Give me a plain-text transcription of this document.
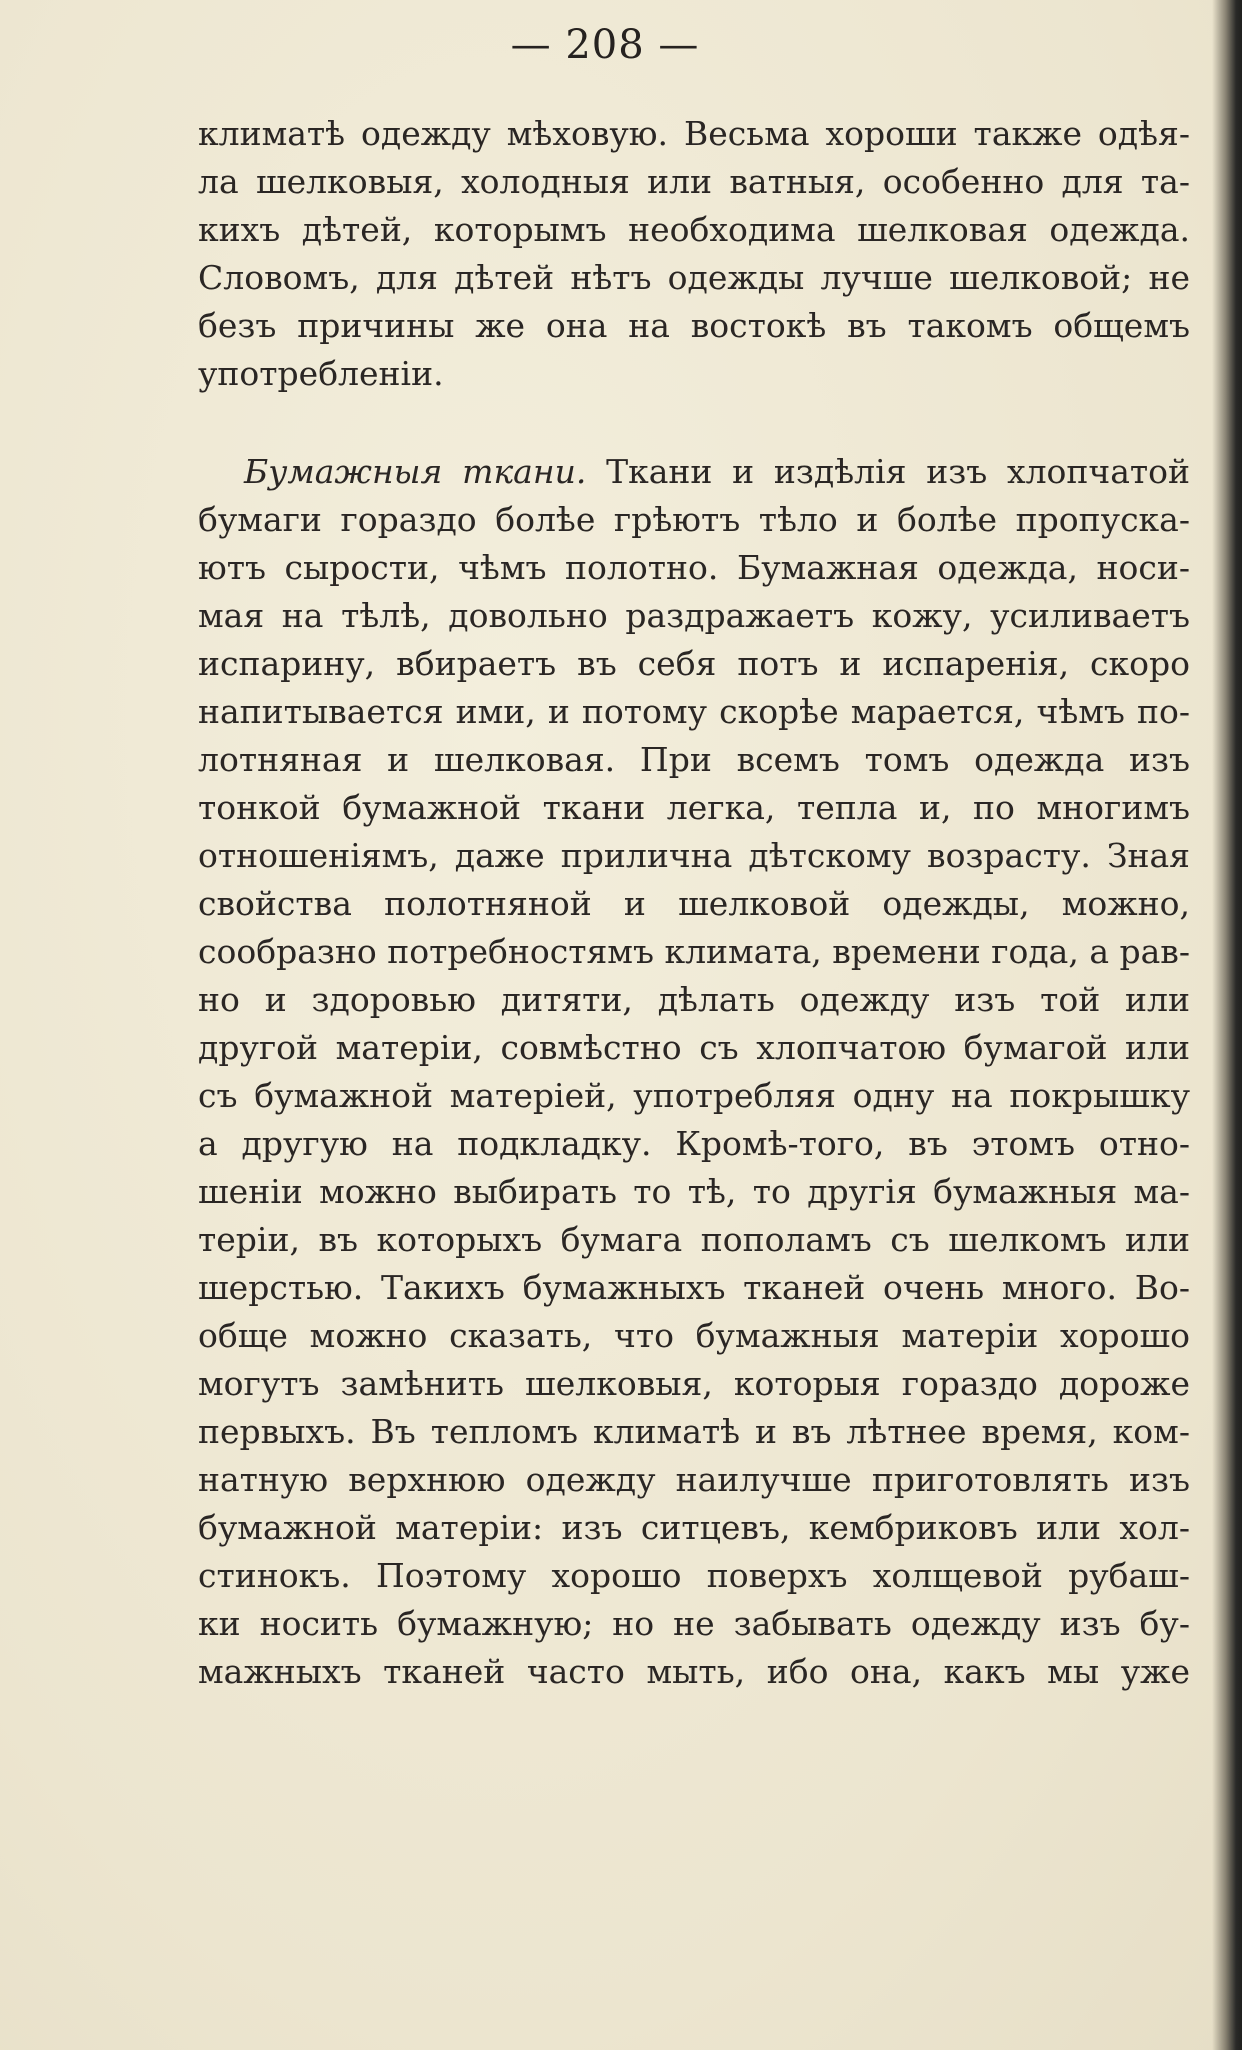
— 208 —
климатѣ одежду мѣховую. Весьма хороши также одѣя-
ла шелковыя, холодныя или ватныя, особенно для та-
кихъ дѣтей, которымъ необходима шелковая одежда.
Словомъ, для дѣтей нѣтъ одежды лучше шелковой; не
безъ причины же она на востокѣ въ такомъ общемъ
употребленіи.
Бумажныя ткани. Ткани и издѣлія изъ хлопчатой
бумаги гораздо болѣе грѣютъ тѣло и болѣе пропуска-
ютъ сырости, чѣмъ полотно. Бумажная одежда, носи-
мая на тѣлѣ, довольно раздражаетъ кожу, усиливаетъ
испарину, вбираетъ въ себя потъ и испаренія, скоро
напитывается ими, и потому скорѣе марается, чѣмъ по-
лотняная и шелковая. При всемъ томъ одежда изъ
тонкой бумажной ткани легка, тепла и, по многимъ
отношеніямъ, даже прилична дѣтскому возрасту. Зная
свойства полотняной и шелковой одежды, можно,
сообразно потребностямъ климата, времени года, а рав-
но и здоровью дитяти, дѣлать одежду изъ той или
другой матеріи, совмѣстно съ хлопчатою бумагой или
съ бумажной матеріей, употребляя одну на покрышку
а другую на подкладку. Кромѣ-того, въ этомъ отно-
шеніи можно выбирать то тѣ, то другія бумажныя ма-
теріи, въ которыхъ бумага пополамъ съ шелкомъ или
шерстью. Такихъ бумажныхъ тканей очень много. Во-
обще можно сказать, что бумажныя матеріи хорошо
могутъ замѣнить шелковыя, которыя гораздо дороже
первыхъ. Въ тепломъ климатѣ и въ лѣтнее время, ком-
натную верхнюю одежду наилучше приготовлять изъ
бумажной матеріи: изъ ситцевъ, кембриковъ или хол-
стинокъ. Поэтому хорошо поверхъ холщевой рубаш-
ки носить бумажную; но не забывать одежду изъ бу-
мажныхъ тканей часто мыть, ибо она, какъ мы уже
